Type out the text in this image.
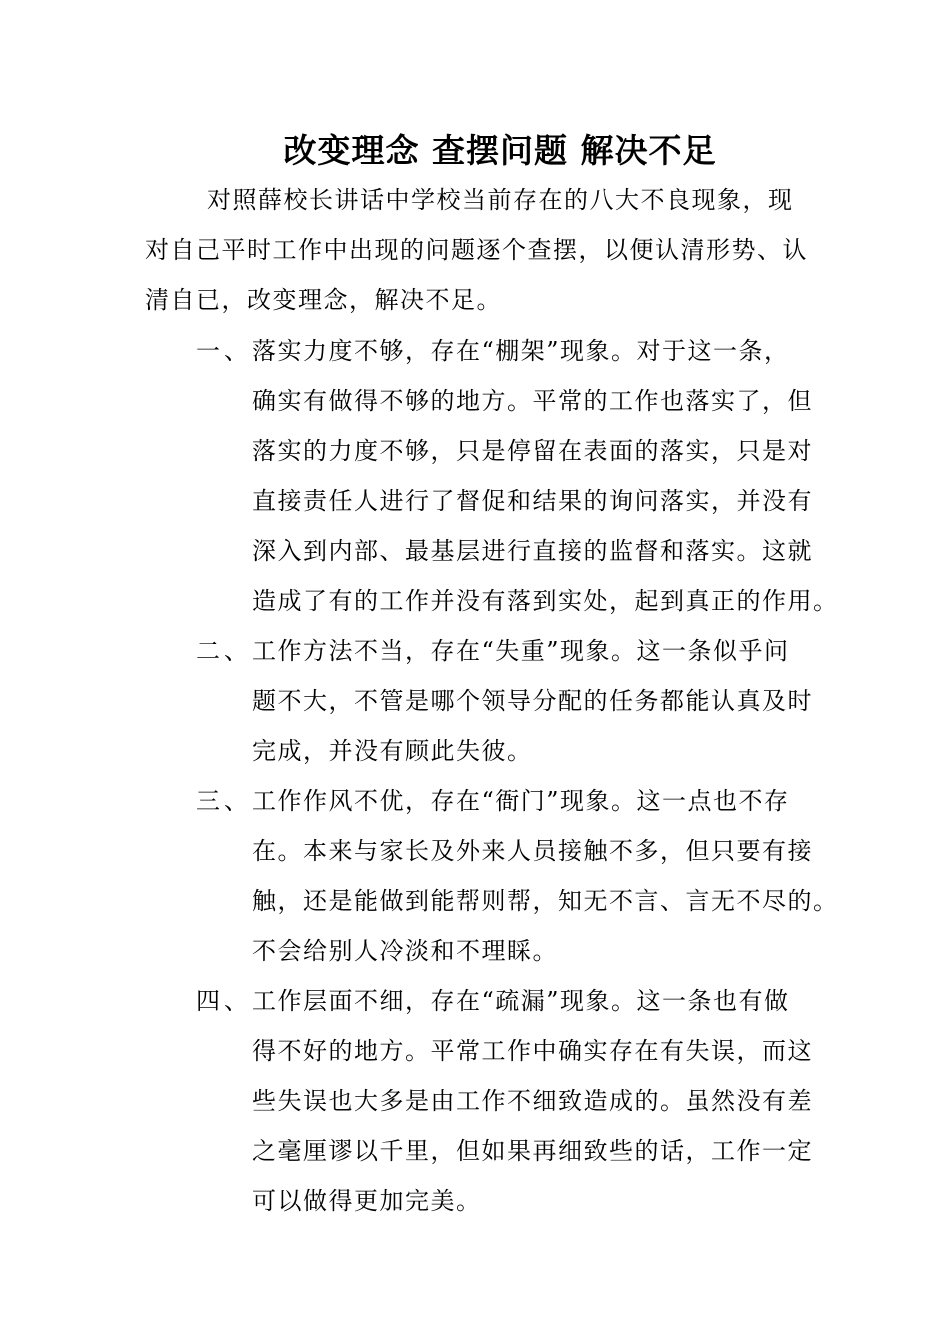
改变理念 查摆问题 解决不足
对照薛校长讲话中学校当前存在的八大不良现象，现
对自己平时工作中出现的问题逐个查摆，以便认清形势、认
清自已，改变理念，解决不足。
一、 落实力度不够，存在“棚架”现象。对于这一条，
确实有做得不够的地方。平常的工作也落实了，但
落实的力度不够，只是停留在表面的落实，只是对
直接责任人进行了督促和结果的询问落实，并没有
深入到内部、最基层进行直接的监督和落实。这就
造成了有的工作并没有落到实处，起到真正的作用。
二、 工作方法不当，存在“失重”现象。这一条似乎问
题不大，不管是哪个领导分配的任务都能认真及时
完成，并没有顾此失彼。
三、 工作作风不优，存在“衙门”现象。这一点也不存
在。本来与家长及外来人员接触不多，但只要有接
触，还是能做到能帮则帮，知无不言、言无不尽的。
不会给别人冷淡和不理睬。
四、 工作层面不细，存在“疏漏”现象。这一条也有做
得不好的地方。平常工作中确实存在有失误，而这
些失误也大多是由工作不细致造成的。虽然没有差
之毫厘谬以千里，但如果再细致些的话，工作一定
可以做得更加完美。
